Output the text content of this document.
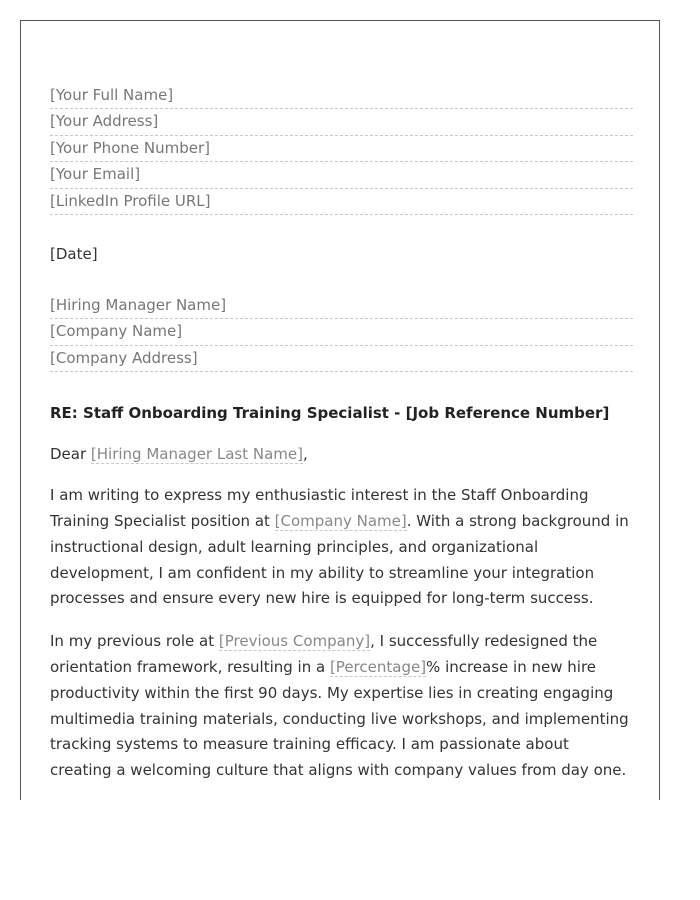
[Your Full Name]
[Your Address]
[Your Phone Number]
[Your Email]
[LinkedIn Profile URL]
[Date]
[Hiring Manager Name]
[Company Name]
[Company Address]
RE: Staff Onboarding Training Specialist - [Job Reference Number]
Dear [Hiring Manager Last Name],

I am writing to express my enthusiastic interest in the Staff Onboarding Training Specialist position at [Company Name]. With a strong background in instructional design, adult learning principles, and organizational development, I am confident in my ability to streamline your integration processes and ensure every new hire is equipped for long-term success.

In my previous role at [Previous Company], I successfully redesigned the orientation framework, resulting in a [Percentage]% increase in new hire productivity within the first 90 days. My expertise lies in creating engaging multimedia training materials, conducting live workshops, and implementing tracking systems to measure training efficacy. I am passionate about creating a welcoming culture that aligns with company values from day one.
